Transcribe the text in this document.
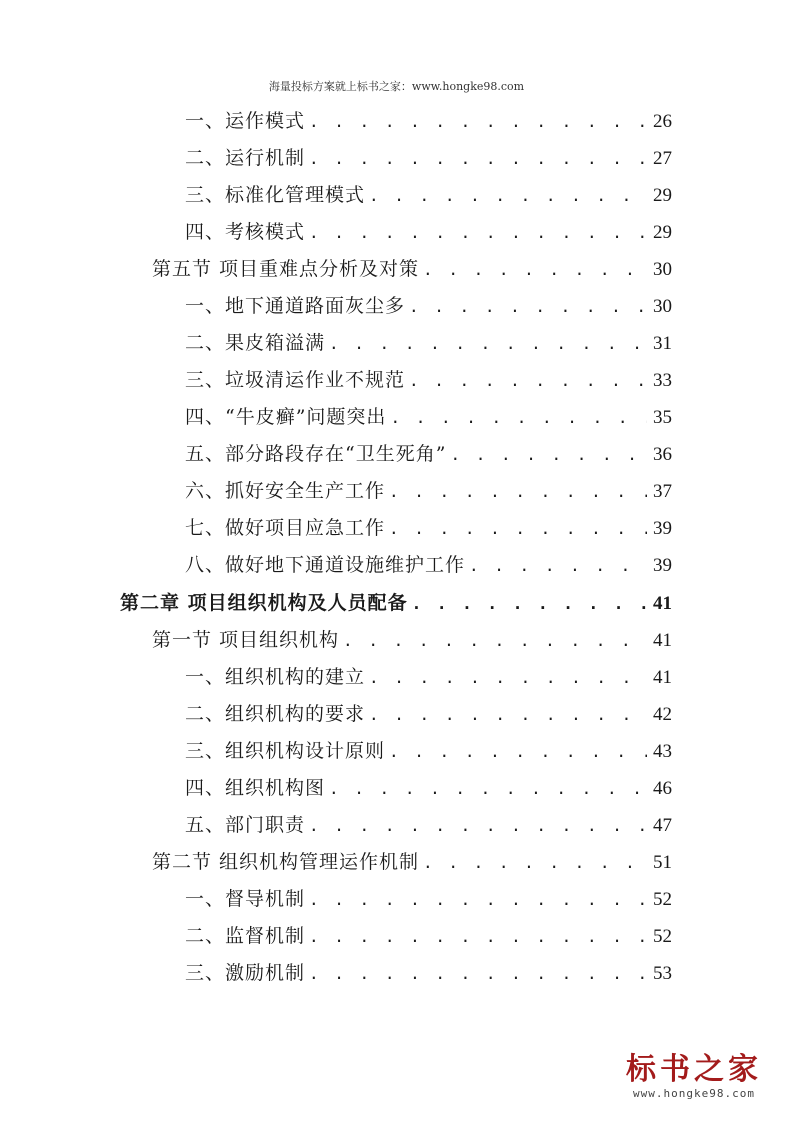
海量投标方案就上标书之家：www.hongke98.com
一、运作模式 . . .	26
二、运行机制 . . .	27
三、标准化管理模式 . . .	29
四、考核模式 . . .	29
第五节 项目重难点分析及对策 . . .	30
一、地下通道路面灰尘多 . . .	30
二、果皮箱溢满 . . .	31
三、垃圾清运作业不规范 . . .	33
四、“牛皮癣”问题突出 . . .	35
五、部分路段存在“卫生死角” . . .	36
六、抓好安全生产工作 . . .	37
七、做好项目应急工作 . . .	39
八、做好地下通道设施维护工作 . . .	39
第二章 项目组织机构及人员配备 . . .	41
第一节 项目组织机构 . . .	41
一、组织机构的建立 . . .	41
二、组织机构的要求 . . .	42
三、组织机构设计原则 . . .	43
四、组织机构图 . . .	46
五、部门职责 . . .	47
第二节 组织机构管理运作机制 . . .	51
一、督导机制 . . .	52
二、监督机制 . . .	52
三、激励机制 . . .	53
标书之家
www.hongke98.com
